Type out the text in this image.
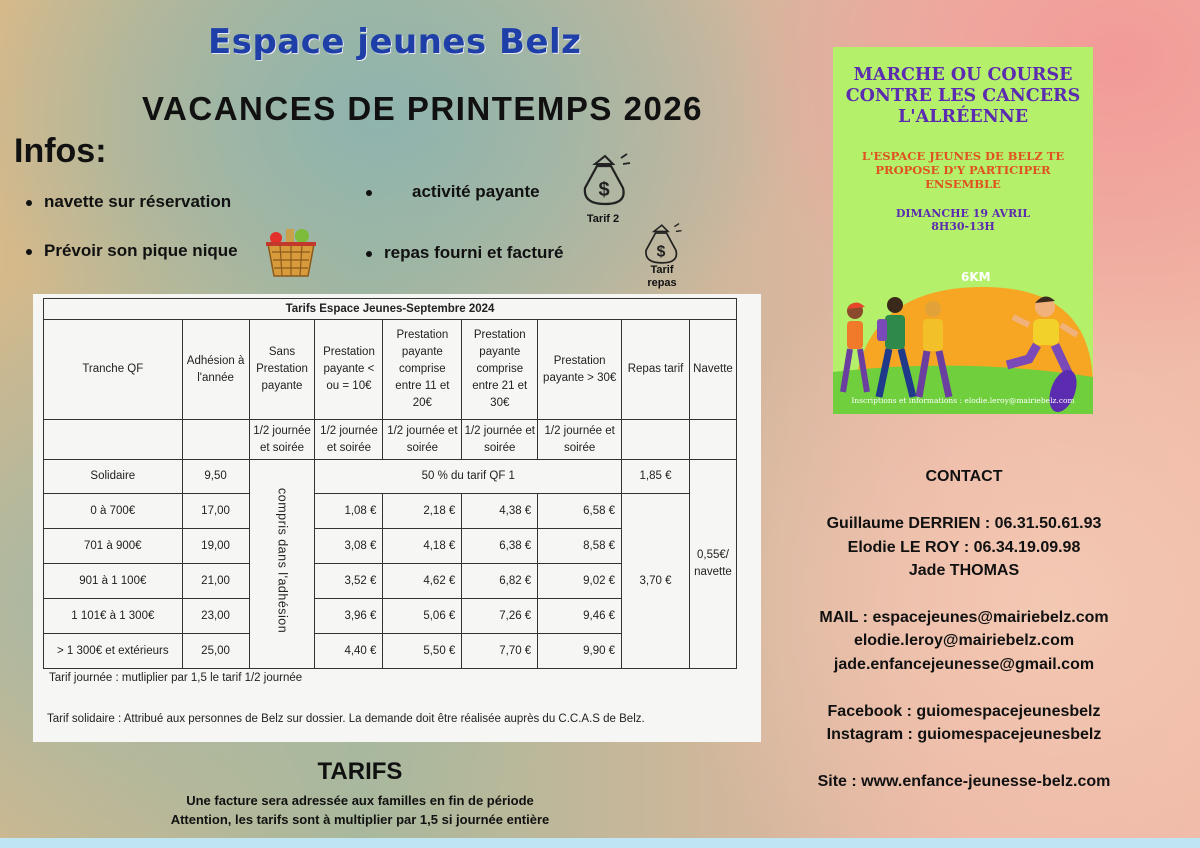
Espace jeunes Belz
VACANCES DE PRINTEMPS 2026
Infos:
navette sur réservation
Prévoir son pique nique
activité payante
repas fourni et facturé
$
Tarif 2
$
Tarif
repas
Tarifs Espace Jeunes-Septembre 2024								
Tranche QF	Adhésion à l'année	Sans Prestation payante	Prestation payante < ou = 10€	Prestation payante comprise entre 11 et 20€	Prestation payante comprise entre 21 et 30€	Prestation payante > 30€	Repas tarif	Navette
		1/2 journée et soirée	1/2 journée et soirée	1/2 journée et soirée	1/2 journée et soirée	1/2 journée et soirée		
Solidaire	9,50	compris dans l'adhésion	50 % du tarif QF 1				1,85 €	0,55€/ navette
0 à 700€	17,00		1,08 €	2,18 €	4,38 €	6,58 €	3,70 €	
701 à 900€	19,00		3,08 €	4,18 €	6,38 €	8,58 €		
901 à 1 100€	21,00		3,52 €	4,62 €	6,82 €	9,02 €		
1 101€ à 1 300€	23,00		3,96 €	5,06 €	7,26 €	9,46 €		
> 1 300€ et extérieurs	25,00		4,40 €	5,50 €	7,70 €	9,90 €		
Tarif journée : mutliplier par 1,5 le tarif 1/2 journée
Tarif solidaire : Attribué aux personnes de Belz sur dossier. La demande doit être réalisée auprès du C.C.A.S de Belz.
TARIFS
Une facture sera adressée aux familles en fin de période
Attention, les tarifs sont à multiplier par 1,5 si journée entière
MARCHE OU COURSE
CONTRE LES CANCERS
L'ALRÉENNE
L'ESPACE JEUNES DE BELZ TE
PROPOSE D'Y PARTICIPER
ENSEMBLE
DIMANCHE 19 AVRIL
8H30-13H
6KM
Inscriptions et informations : elodie.leroy@mairiebelz.com
CONTACT
Guillaume DERRIEN : 06.31.50.61.93
Elodie LE ROY : 06.34.19.09.98
Jade THOMAS
MAIL : espacejeunes@mairiebelz.com
elodie.leroy@mairiebelz.com
jade.enfancejeunesse@gmail.com
Facebook : guiomespacejeunesbelz
Instagram : guiomespacejeunesbelz
Site : www.enfance-jeunesse-belz.com
